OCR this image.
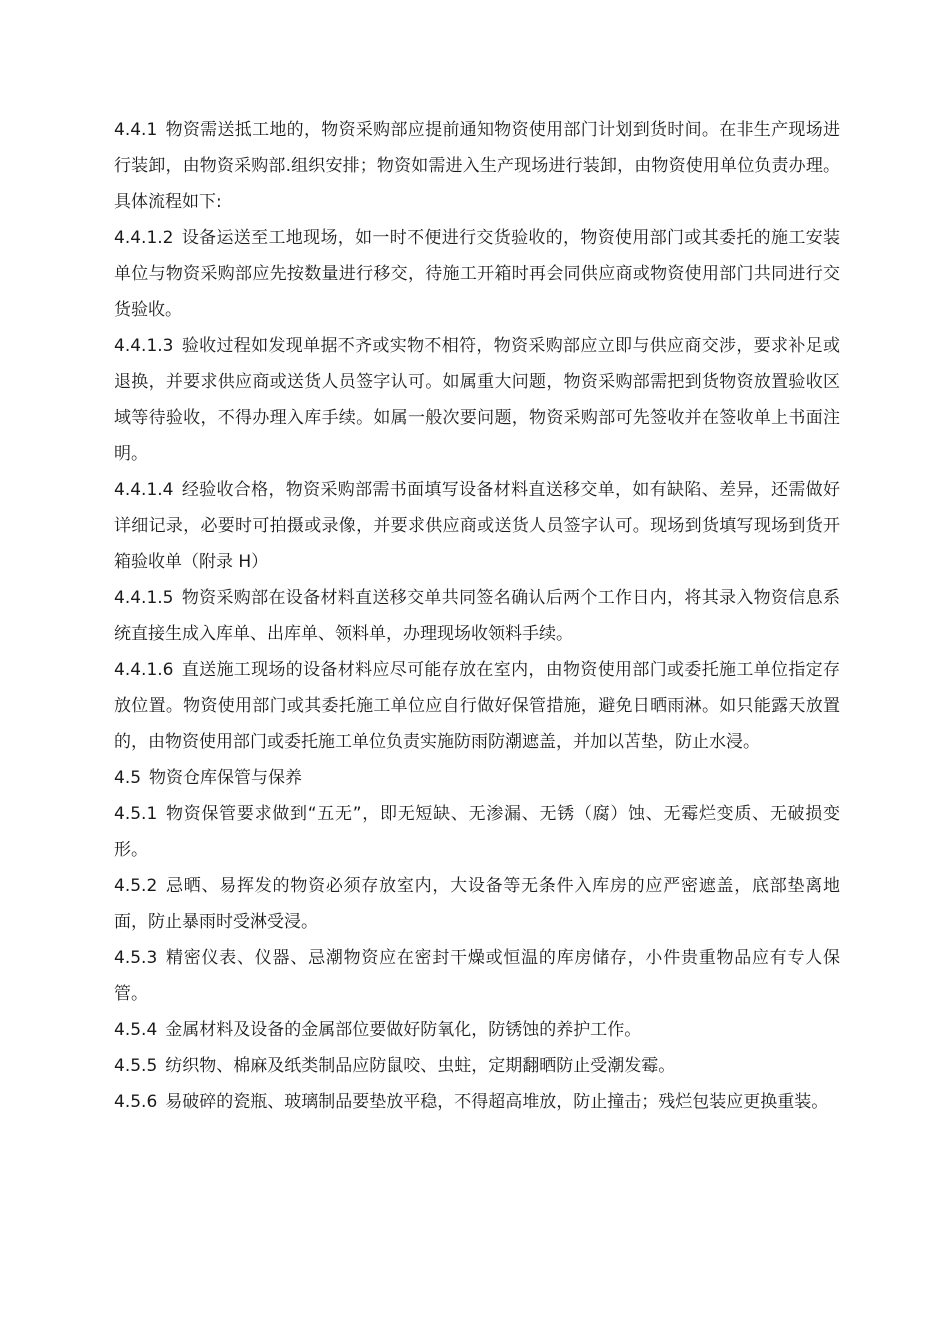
4.4.1 物资需送抵工地的，物资采购部应提前通知物资使用部门计划到货时间。在非生产现场进行装卸，由物资采购部.组织安排；物资如需进入生产现场进行装卸，由物资使用单位负责办理。具体流程如下:

4.4.1.2 设备运送至工地现场，如一时不便进行交货验收的，物资使用部门或其委托的施工安装单位与物资采购部应先按数量进行移交，待施工开箱时再会同供应商或物资使用部门共同进行交货验收。

4.4.1.3 验收过程如发现单据不齐或实物不相符，物资采购部应立即与供应商交涉，要求补足或退换，并要求供应商或送货人员签字认可。如属重大问题，物资采购部需把到货物资放置验收区域等待验收，不得办理入库手续。如属一般次要问题，物资采购部可先签收并在签收单上书面注明。

4.4.1.4 经验收合格，物资采购部需书面填写设备材料直送移交单，如有缺陷、差异，还需做好详细记录，必要时可拍摄或录像，并要求供应商或送货人员签字认可。现场到货填写现场到货开箱验收单（附录 H）

4.4.1.5 物资采购部在设备材料直送移交单共同签名确认后两个工作日内，将其录入物资信息系统直接生成入库单、出库单、领料单，办理现场收领料手续。

4.4.1.6 直送施工现场的设备材料应尽可能存放在室内，由物资使用部门或委托施工单位指定存放位置。物资使用部门或其委托施工单位应自行做好保管措施，避免日晒雨淋。如只能露天放置的，由物资使用部门或委托施工单位负责实施防雨防潮遮盖，并加以苫垫，防止水浸。

4.5 物资仓库保管与保养

4.5.1 物资保管要求做到“五无”，即无短缺、无渗漏、无锈（腐）蚀、无霉烂变质、无破损变形。

4.5.2 忌晒、易挥发的物资必须存放室内，大设备等无条件入库房的应严密遮盖，底部垫离地面，防止暴雨时受淋受浸。

4.5.3 精密仪表、仪器、忌潮物资应在密封干燥或恒温的库房储存，小件贵重物品应有专人保管。

4.5.4 金属材料及设备的金属部位要做好防氧化，防锈蚀的养护工作。

4.5.5 纺织物、棉麻及纸类制品应防鼠咬、虫蛀，定期翻晒防止受潮发霉。

4.5.6 易破碎的瓷瓶、玻璃制品要垫放平稳，不得超高堆放，防止撞击；残烂包装应更换重装。
